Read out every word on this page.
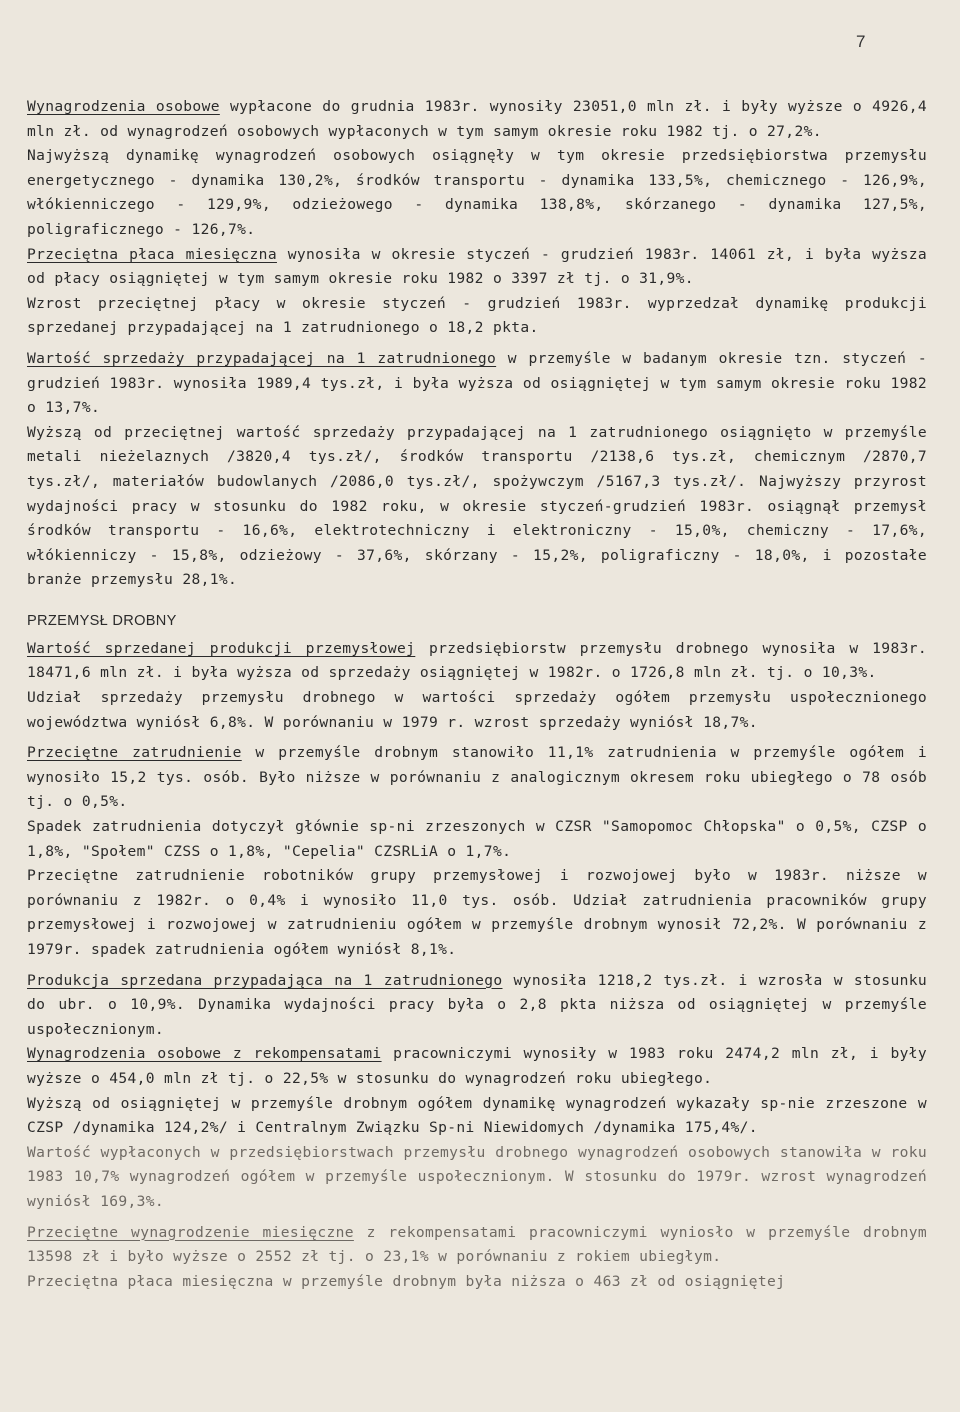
7

Wynagrodzenia osobowe wypłacone do grudnia 1983r. wynosiły 23051,0 mln zł. i były wyższe o 4926,4 mln zł. od wynagrodzeń osobowych wypłaconych w tym samym okresie roku 1982 tj. o 27,2%.

Najwyższą dynamikę wynagrodzeń osobowych osiągnęły w tym okresie przedsiębiorstwa przemysłu energetycznego - dynamika 130,2%, środków transportu - dynamika 133,5%, chemicznego - 126,9%, włókienniczego - 129,9%, odzieżowego - dynamika 138,8%, skórzanego - dynamika 127,5%, poligraficznego - 126,7%.

Przeciętna płaca miesięczna wynosiła w okresie styczeń - grudzień 1983r. 14061 zł, i była wyższa od płacy osiągniętej w tym samym okresie roku 1982 o 3397 zł tj. o 31,9%.

Wzrost przeciętnej płacy w okresie styczeń - grudzień 1983r. wyprzedzał dynamikę produkcji sprzedanej przypadającej na 1 zatrudnionego o 18,2 pkta.

Wartość sprzedaży przypadającej na 1 zatrudnionego w przemyśle w badanym okresie tzn. styczeń - grudzień 1983r. wynosiła 1989,4 tys.zł, i była wyższa od osiągniętej w tym samym okresie roku 1982 o 13,7%.

Wyższą od przeciętnej wartość sprzedaży przypadającej na 1 zatrudnionego osiągnięto w przemyśle metali nieżelaznych /3820,4 tys.zł/, środków transportu /2138,6 tys.zł, chemicznym /2870,7 tys.zł/, materiałów budowlanych /2086,0 tys.zł/, spożywczym /5167,3 tys.zł/. Najwyższy przyrost wydajności pracy w stosunku do 1982 roku, w okresie styczeń-grudzień 1983r. osiągnął przemysł środków transportu - 16,6%, elektrotechniczny i elektroniczny - 15,0%, chemiczny - 17,6%, włókienniczy - 15,8%, odzieżowy - 37,6%, skórzany - 15,2%, poligraficzny - 18,0%, i pozostałe branże przemysłu 28,1%.

PRZEMYSŁ DROBNY

Wartość sprzedanej produkcji przemysłowej przedsiębiorstw przemysłu drobnego wynosiła w 1983r. 18471,6 mln zł. i była wyższa od sprzedaży osiągniętej w 1982r. o 1726,8 mln zł. tj. o 10,3%.

Udział sprzedaży przemysłu drobnego w wartości sprzedaży ogółem przemysłu uspołecznionego województwa wyniósł 6,8%. W porównaniu w 1979 r. wzrost sprzedaży wyniósł 18,7%.

Przeciętne zatrudnienie w przemyśle drobnym stanowiło 11,1% zatrudnienia w przemyśle ogółem i wynosiło 15,2 tys. osób. Było niższe w porównaniu z analogicznym okresem roku ubiegłego o 78 osób tj. o 0,5%.

Spadek zatrudnienia dotyczył głównie sp-ni zrzeszonych w CZSR "Samopomoc Chłopska" o 0,5%, CZSP o 1,8%, "Społem" CZSS o 1,8%, "Cepelia" CZSRLiA o 1,7%.

Przeciętne zatrudnienie robotników grupy przemysłowej i rozwojowej było w 1983r. niższe w porównaniu z 1982r. o 0,4% i wynosiło 11,0 tys. osób. Udział zatrudnienia pracowników grupy przemysłowej i rozwojowej w zatrudnieniu ogółem w przemyśle drobnym wynosił 72,2%. W porównaniu z 1979r. spadek zatrudnienia ogółem wyniósł 8,1%.

Produkcja sprzedana przypadająca na 1 zatrudnionego wynosiła 1218,2 tys.zł. i wzrosła w stosunku do ubr. o 10,9%. Dynamika wydajności pracy była o 2,8 pkta niższa od osiągniętej w przemyśle uspołecznionym.

Wynagrodzenia osobowe z rekompensatami pracowniczymi wynosiły w 1983 roku 2474,2 mln zł, i były wyższe o 454,0 mln zł tj. o 22,5% w stosunku do wynagrodzeń roku ubiegłego.

Wyższą od osiągniętej w przemyśle drobnym ogółem dynamikę wynagrodzeń wykazały sp-nie zrzeszone w CZSP /dynamika 124,2%/ i Centralnym Związku Sp-ni Niewidomych /dynamika 175,4%/.

Wartość wypłaconych w przedsiębiorstwach przemysłu drobnego wynagrodzeń osobowych stanowiła w roku 1983 10,7% wynagrodzeń ogółem w przemyśle uspołecznionym. W stosunku do 1979r. wzrost wynagrodzeń wyniósł 169,3%.

Przeciętne wynagrodzenie miesięczne z rekompensatami pracowniczymi wyniosło w przemyśle drobnym 13598 zł i było wyższe o 2552 zł tj. o 23,1% w porównaniu z rokiem ubiegłym.

Przeciętna płaca miesięczna w przemyśle drobnym była niższa o 463 zł od osiągniętej
